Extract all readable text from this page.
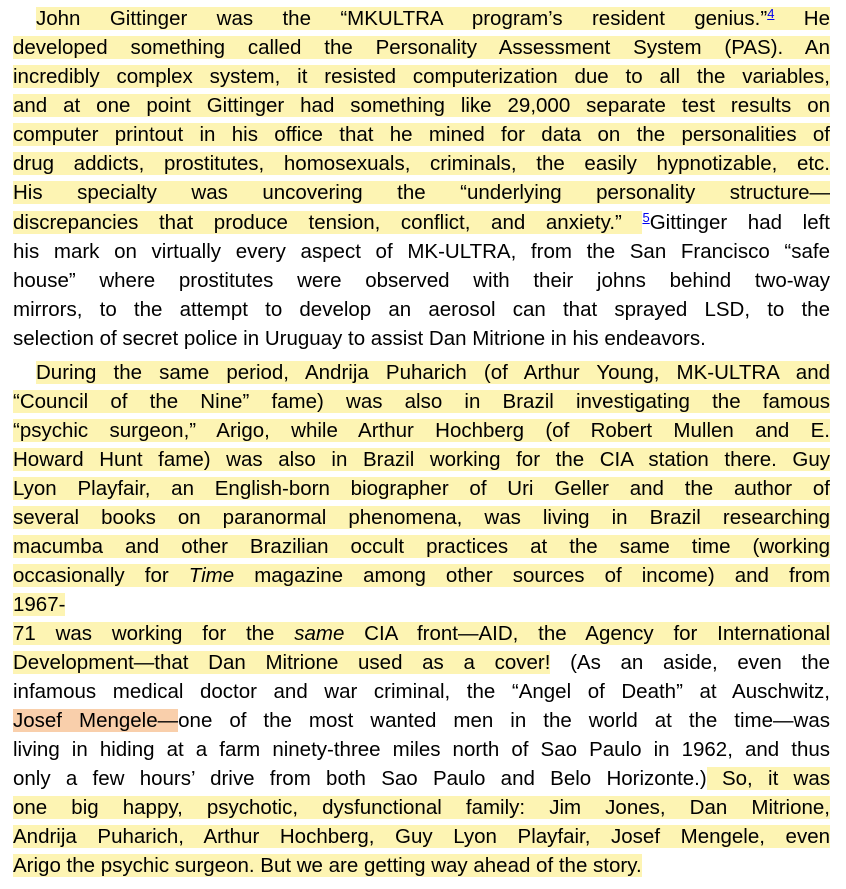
John Gittinger was the “MKULTRA program’s resident genius.”$^4$ He
developed something called the Personality Assessment System (PAS). An
incredibly complex system, it resisted computerization due to all the variables,
and at one point Gittinger had something like 29,000 separate test results on
computer printout in his office that he mined for data on the personalities of
drug addicts, prostitutes, homosexuals, criminals, the easily hypnotizable, etc.
His specialty was uncovering the “underlying personality structure—
discrepancies that produce tension, conflict, and anxiety.” $^5$Gittinger had left
his mark on virtually every aspect of MK-ULTRA, from the San Francisco “safe
house” where prostitutes were observed with their johns behind two-way
mirrors, to the attempt to develop an aerosol can that sprayed LSD, to the
selection of secret police in Uruguay to assist Dan Mitrione in his endeavors.
During the same period, Andrija Puharich (of Arthur Young, MK-ULTRA and
“Council of the Nine” fame) was also in Brazil investigating the famous
“psychic surgeon,” Arigo, while Arthur Hochberg (of Robert Mullen and E.
Howard Hunt fame) was also in Brazil working for the CIA station there. Guy
Lyon Playfair, an English-born biographer of Uri Geller and the author of
several books on paranormal phenomena, was living in Brazil researching
macumba and other Brazilian occult practices at the same time (working
occasionally for Time magazine among other sources of income) and from
1967-
71 was working for the same CIA front—AID, the Agency for International
Development—that Dan Mitrione used as a cover! (As an aside, even the
infamous medical doctor and war criminal, the “Angel of Death” at Auschwitz,
Josef Mengele—one of the most wanted men in the world at the time—was
living in hiding at a farm ninety-three miles north of Sao Paulo in 1962, and thus
only a few hours’ drive from both Sao Paulo and Belo Horizonte.) So, it was
one big happy, psychotic, dysfunctional family: Jim Jones, Dan Mitrione,
Andrija Puharich, Arthur Hochberg, Guy Lyon Playfair, Josef Mengele, even
Arigo the psychic surgeon. But we are getting way ahead of the story.
